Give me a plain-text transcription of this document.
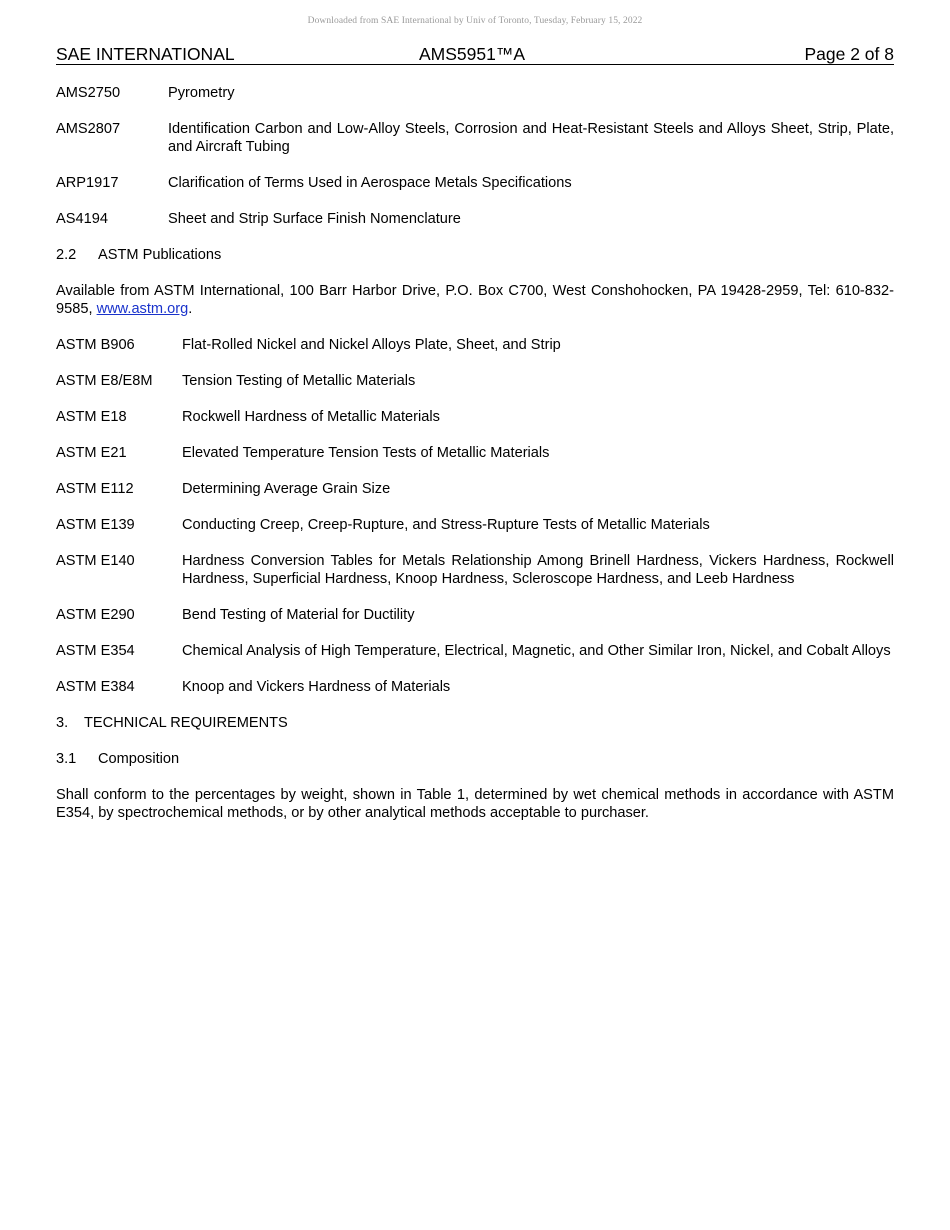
Downloaded from SAE International by Univ of Toronto, Tuesday, February 15, 2022
SAE INTERNATIONAL	AMS5951™A	Page 2 of 8
AMS2750	Pyrometry
AMS2807	Identification Carbon and Low-Alloy Steels, Corrosion and Heat-Resistant Steels and Alloys Sheet, Strip, Plate, and Aircraft Tubing
ARP1917	Clarification of Terms Used in Aerospace Metals Specifications
AS4194	Sheet and Strip Surface Finish Nomenclature
2.2 ASTM Publications
Available from ASTM International, 100 Barr Harbor Drive, P.O. Box C700, West Conshohocken, PA 19428-2959, Tel: 610-832-9585, www.astm.org.
ASTM B906	Flat-Rolled Nickel and Nickel Alloys Plate, Sheet, and Strip
ASTM E8/E8M	Tension Testing of Metallic Materials
ASTM E18	Rockwell Hardness of Metallic Materials
ASTM E21	Elevated Temperature Tension Tests of Metallic Materials
ASTM E112	Determining Average Grain Size
ASTM E139	Conducting Creep, Creep-Rupture, and Stress-Rupture Tests of Metallic Materials
ASTM E140	Hardness Conversion Tables for Metals Relationship Among Brinell Hardness, Vickers Hardness, Rockwell Hardness, Superficial Hardness, Knoop Hardness, Scleroscope Hardness, and Leeb Hardness
ASTM E290	Bend Testing of Material for Ductility
ASTM E354	Chemical Analysis of High Temperature, Electrical, Magnetic, and Other Similar Iron, Nickel, and Cobalt Alloys
ASTM E384	Knoop and Vickers Hardness of Materials
3. TECHNICAL REQUIREMENTS
3.1 Composition
Shall conform to the percentages by weight, shown in Table 1, determined by wet chemical methods in accordance with ASTM E354, by spectrochemical methods, or by other analytical methods acceptable to purchaser.
